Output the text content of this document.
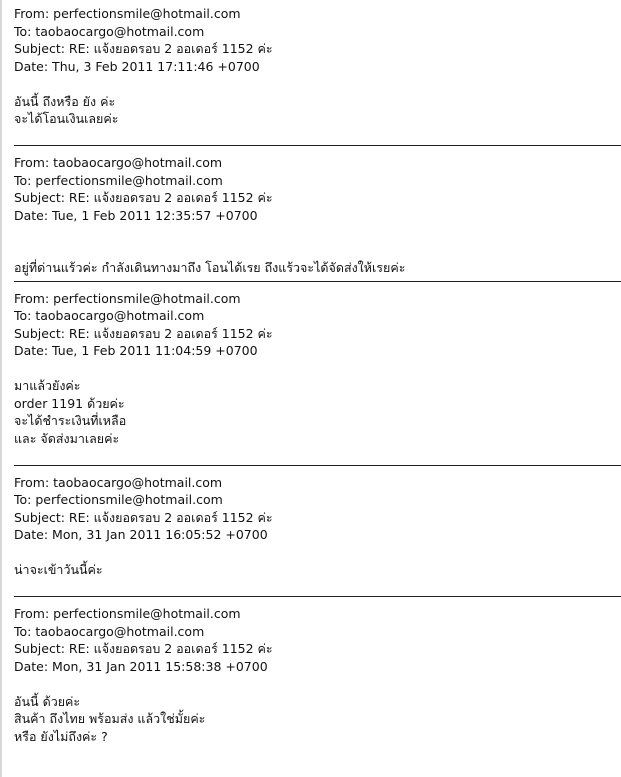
From: perfectionsmile@hotmail.com
To: taobaocargo@hotmail.com
Subject: RE: แจ้งยอดรอบ 2 ออเดอร์ 1152 ค่ะ
Date: Thu, 3 Feb 2011 17:11:46 +0700
อันนี้ ถึงหรือ ยัง ค่ะ
จะได้โอนเงินเลยค่ะ
From: taobaocargo@hotmail.com
To: perfectionsmile@hotmail.com
Subject: RE: แจ้งยอดรอบ 2 ออเดอร์ 1152 ค่ะ
Date: Tue, 1 Feb 2011 12:35:57 +0700
อยู่ที่ด่านแร้วค่ะ กำลังเดินทางมาถึง โอนได้เรย ถึงแร้วจะได้จัดส่งให้เรยค่ะ
From: perfectionsmile@hotmail.com
To: taobaocargo@hotmail.com
Subject: RE: แจ้งยอดรอบ 2 ออเดอร์ 1152 ค่ะ
Date: Tue, 1 Feb 2011 11:04:59 +0700
มาแล้วยังค่ะ
order 1191 ด้วยค่ะ
จะได้ชำระเงินที่เหลือ
และ จัดส่งมาเลยค่ะ
From: taobaocargo@hotmail.com
To: perfectionsmile@hotmail.com
Subject: RE: แจ้งยอดรอบ 2 ออเดอร์ 1152 ค่ะ
Date: Mon, 31 Jan 2011 16:05:52 +0700
น่าจะเข้าวันนี้ค่ะ
From: perfectionsmile@hotmail.com
To: taobaocargo@hotmail.com
Subject: RE: แจ้งยอดรอบ 2 ออเดอร์ 1152 ค่ะ
Date: Mon, 31 Jan 2011 15:58:38 +0700
อันนี้ ด้วยค่ะ
สินค้า ถึงไทย พร้อมส่ง แล้วใช่มั้ยค่ะ
หรือ ยังไม่ถึงค่ะ ?
